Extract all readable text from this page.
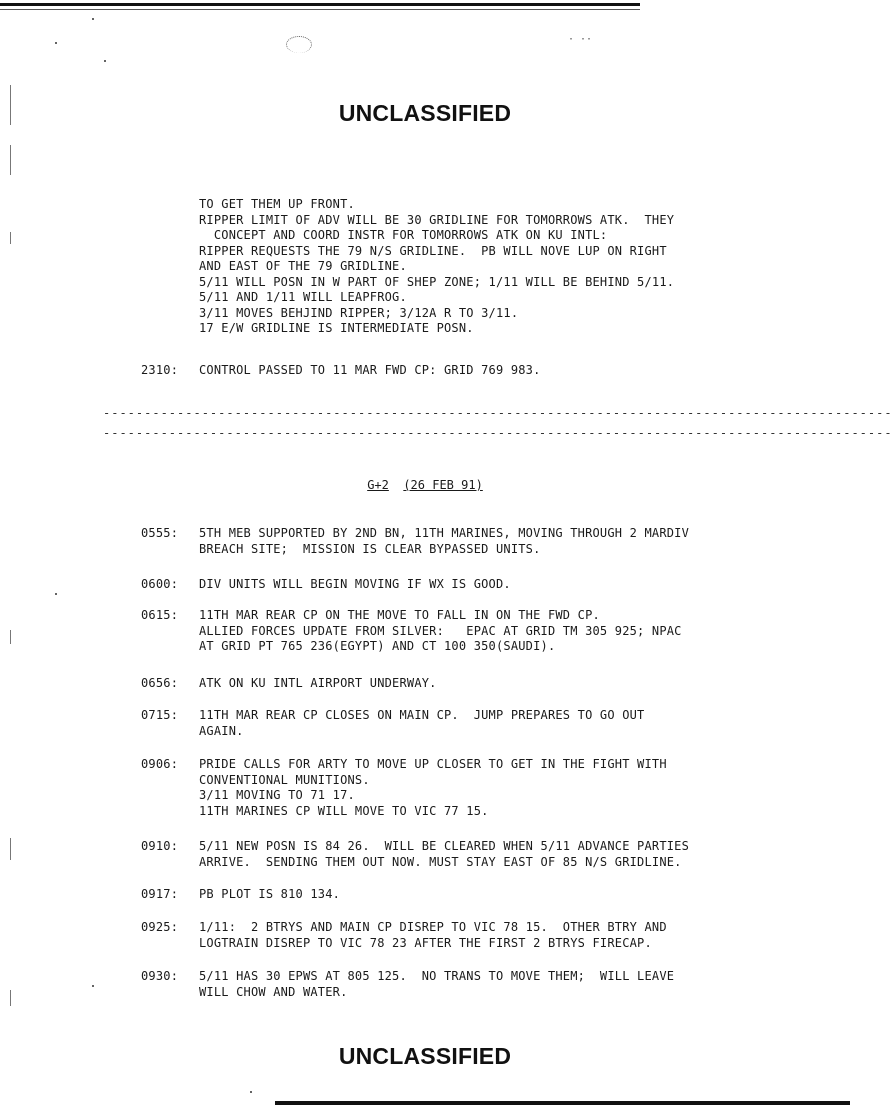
· ··
UNCLASSIFIED
TO GET THEM UP FRONT.
RIPPER LIMIT OF ADV WILL BE 30 GRIDLINE FOR TOMORROWS ATK.  THEY
CONCEPT AND COORD INSTR FOR TOMORROWS ATK ON KU INTL:
RIPPER REQUESTS THE 79 N/S GRIDLINE.  PB WILL NOVE LUP ON RIGHT
AND EAST OF THE 79 GRIDLINE.
5/11 WILL POSN IN W PART OF SHEP ZONE; 1/11 WILL BE BEHIND 5/11.
5/11 AND 1/11 WILL LEAPFROG.
3/11 MOVES BEHJIND RIPPER; 3/12A R TO 3/11.
17 E/W GRIDLINE IS INTERMEDIATE POSN.

2310:

CONTROL PASSED TO 11 MAR FWD CP: GRID 769 983.

------------------------------------------------------------------------------------------------
------------------------------------------------------------------------------------------------
G+2 (26 FEB 91)
0555: 5TH MEB SUPPORTED BY 2ND BN, 11TH MARINES, MOVING THROUGH 2 MARDIV
BREACH SITE;  MISSION IS CLEAR BYPASSED UNITS.
0600: DIV UNITS WILL BEGIN MOVING IF WX IS GOOD.
0615: 11TH MAR REAR CP ON THE MOVE TO FALL IN ON THE FWD CP.
ALLIED FORCES UPDATE FROM SILVER:   EPAC AT GRID TM 305 925; NPAC
AT GRID PT 765 236(EGYPT) AND CT 100 350(SAUDI).
0656: ATK ON KU INTL AIRPORT UNDERWAY.
0715: 11TH MAR REAR CP CLOSES ON MAIN CP.  JUMP PREPARES TO GO OUT
AGAIN.
0906: PRIDE CALLS FOR ARTY TO MOVE UP CLOSER TO GET IN THE FIGHT WITH
CONVENTIONAL MUNITIONS.
3/11 MOVING TO 71 17.
11TH MARINES CP WILL MOVE TO VIC 77 15.
0910: 5/11 NEW POSN IS 84 26.  WILL BE CLEARED WHEN 5/11 ADVANCE PARTIES
ARRIVE.  SENDING THEM OUT NOW. MUST STAY EAST OF 85 N/S GRIDLINE.
0917: PB PLOT IS 810 134.
0925: 1/11:  2 BTRYS AND MAIN CP DISREP TO VIC 78 15.  OTHER BTRY AND
LOGTRAIN DISREP TO VIC 78 23 AFTER THE FIRST 2 BTRYS FIRECAP.
0930: 5/11 HAS 30 EPWS AT 805 125.  NO TRANS TO MOVE THEM;  WILL LEAVE
WILL CHOW AND WATER.
UNCLASSIFIED
